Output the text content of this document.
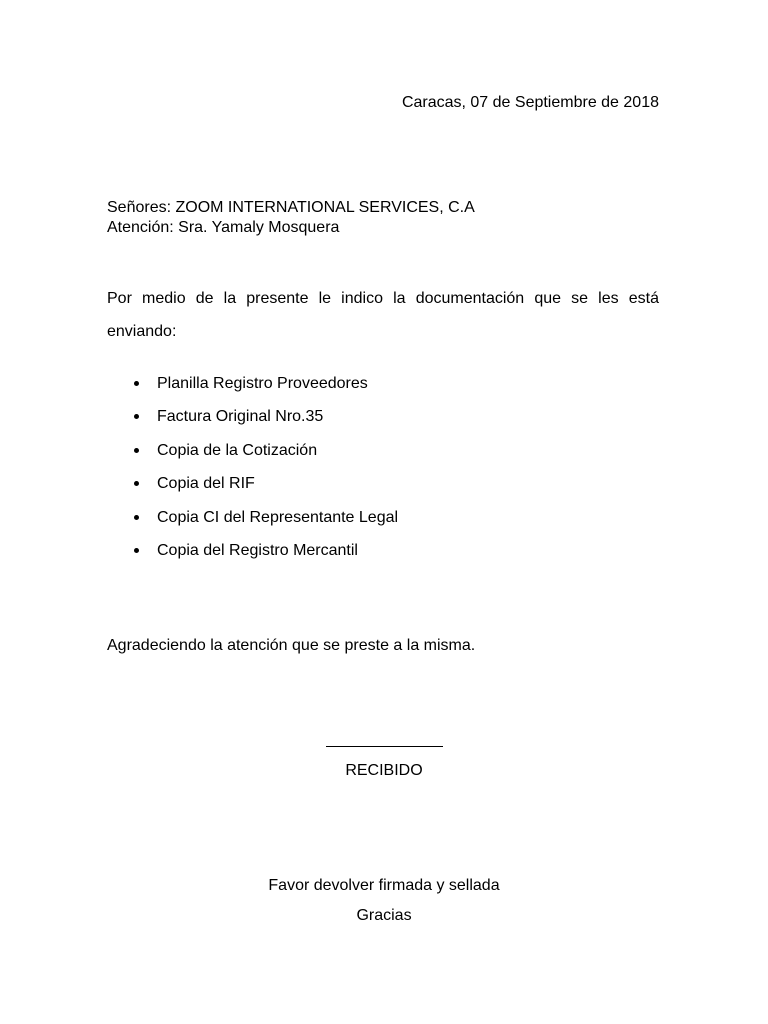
Caracas, 07 de Septiembre de 2018
Señores: ZOOM INTERNATIONAL SERVICES, C.A
Atención: Sra. Yamaly Mosquera
Por medio de la presente le indico la documentación que se les está enviando:
Planilla Registro Proveedores
Factura Original Nro.35
Copia de la Cotización
Copia del RIF
Copia CI del Representante Legal
Copia del Registro Mercantil
Agradeciendo la atención que se preste a la misma.
RECIBIDO
Favor devolver firmada y sellada
Gracias
